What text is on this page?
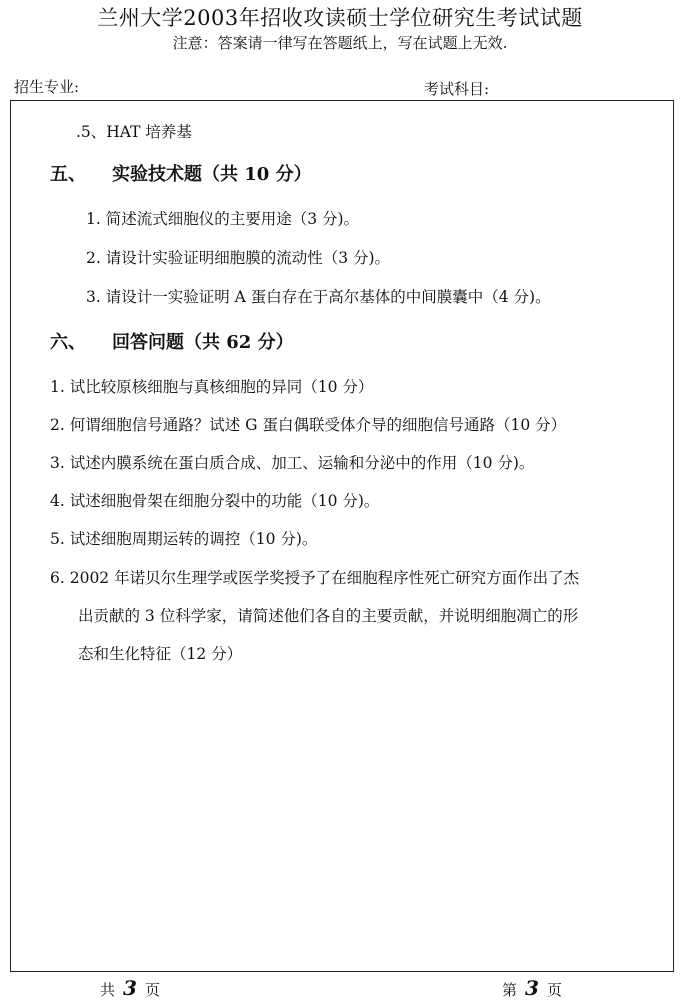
兰州大学2003年招收攻读硕士学位研究生考试试题
注意：答案请一律写在答题纸上，写在试题上无效.
招生专业:	考试科目:
.5、HAT 培养基
五、 实验技术题（共 10 分）
1. 简述流式细胞仪的主要用途（3 分)。
2. 请设计实验证明细胞膜的流动性（3 分)。
3. 请设计一实验证明 A 蛋白存在于高尔基体的中间膜囊中（4 分)。
六、 回答问题（共 62 分）
1. 试比较原核细胞与真核细胞的异同（10 分）
2. 何谓细胞信号通路？试述 G 蛋白偶联受体介导的细胞信号通路（10 分）
3. 试述内膜系统在蛋白质合成、加工、运输和分泌中的作用（10 分)。
4. 试述细胞骨架在细胞分裂中的功能（10 分)。
5. 试述细胞周期运转的调控（10 分)。
6. 2002 年诺贝尔生理学或医学奖授予了在细胞程序性死亡研究方面作出了杰
出贡献的 3 位科学家，请简述他们各自的主要贡献，并说明细胞凋亡的形
态和生化特征（12 分）
共 3 页	第 3 页
